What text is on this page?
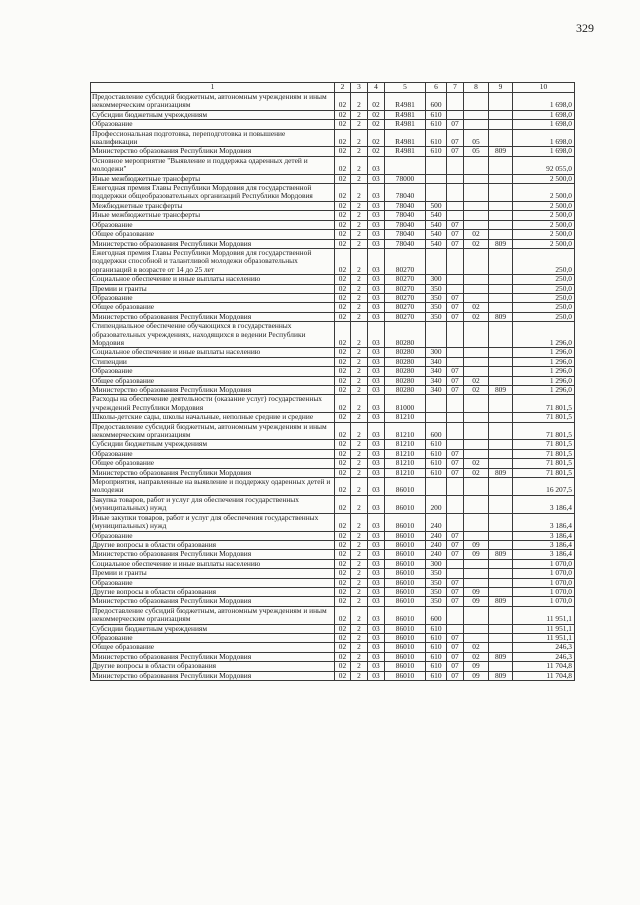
329
1	2	3	4	5	6	7	8	9	10
Предоставление субсидий бюджетным, автономным учреждениям и иным некоммерческим организациям	02	2	02	R4981	600				1 698,0
Субсидии бюджетным учреждениям	02	2	02	R4981	610				1 698,0
Образование	02	2	02	R4981	610	07			1 698,0
Профессиональная подготовка, переподготовка и повышение квалификации	02	2	02	R4981	610	07	05		1 698,0
Министерство образования Республики Мордовия	02	2	02	R4981	610	07	05	809	1 698,0
Основное мероприятие "Выявление и поддержка одаренных детей и молодежи"	02	2	03						92 055,0
Иные межбюджетные трансферты	02	2	03	78000					2 500,0
Ежегодная премия Главы Республики Мордовия для государственной поддержки общеобразовательных организаций Республики Мордовия	02	2	03	78040					2 500,0
Межбюджетные трансферты	02	2	03	78040	500				2 500,0
Иные межбюджетные трансферты	02	2	03	78040	540				2 500,0
Образование	02	2	03	78040	540	07			2 500,0
Общее образование	02	2	03	78040	540	07	02		2 500,0
Министерство образования Республики Мордовия	02	2	03	78040	540	07	02	809	2 500,0
Ежегодная премия Главы Республики Мордовия для государственной поддержки способной и талантливой молодежи образовательных организаций в возрасте от 14 до 25 лет	02	2	03	80270					250,0
Социальное обеспечение и иные выплаты населению	02	2	03	80270	300				250,0
Премии и гранты	02	2	03	80270	350				250,0
Образование	02	2	03	80270	350	07			250,0
Общее образование	02	2	03	80270	350	07	02		250,0
Министерство образования Республики Мордовия	02	2	03	80270	350	07	02	809	250,0
Стипендиальное обеспечение обучающихся в государственных образовательных учреждениях, находящихся в ведении Республики Мордовия	02	2	03	80280					1 296,0
Социальное обеспечение и иные выплаты населению	02	2	03	80280	300				1 296,0
Стипендии	02	2	03	80280	340				1 296,0
Образование	02	2	03	80280	340	07			1 296,0
Общее образование	02	2	03	80280	340	07	02		1 296,0
Министерство образования Республики Мордовия	02	2	03	80280	340	07	02	809	1 296,0
Расходы на обеспечение деятельности (оказание услуг) государственных учреждений Республики Мордовия	02	2	03	81000					71 801,5
Школы-детские сады, школы начальные, неполные средние и средние	02	2	03	81210					71 801,5
Предоставление субсидий бюджетным, автономным учреждениям и иным некоммерческим организациям	02	2	03	81210	600				71 801,5
Субсидии бюджетным учреждениям	02	2	03	81210	610				71 801,5
Образование	02	2	03	81210	610	07			71 801,5
Общее образование	02	2	03	81210	610	07	02		71 801,5
Министерство образования Республики Мордовия	02	2	03	81210	610	07	02	809	71 801,5
Мероприятия, направленные на выявление и поддержку одаренных детей и молодежи	02	2	03	86010					16 207,5
Закупка товаров, работ и услуг для обеспечения государственных (муниципальных) нужд	02	2	03	86010	200				3 186,4
Иные закупки товаров, работ и услуг для обеспечения государственных (муниципальных) нужд	02	2	03	86010	240				3 186,4
Образование	02	2	03	86010	240	07			3 186,4
Другие вопросы в области образования	02	2	03	86010	240	07	09		3 186,4
Министерство образования Республики Мордовия	02	2	03	86010	240	07	09	809	3 186,4
Социальное обеспечение и иные выплаты населению	02	2	03	86010	300				1 070,0
Премии и гранты	02	2	03	86010	350				1 070,0
Образование	02	2	03	86010	350	07			1 070,0
Другие вопросы в области образования	02	2	03	86010	350	07	09		1 070,0
Министерство образования Республики Мордовия	02	2	03	86010	350	07	09	809	1 070,0
Предоставление субсидий бюджетным, автономным учреждениям и иным некоммерческим организациям	02	2	03	86010	600				11 951,1
Субсидии бюджетным учреждениям	02	2	03	86010	610				11 951,1
Образование	02	2	03	86010	610	07			11 951,1
Общее образование	02	2	03	86010	610	07	02		246,3
Министерство образования Республики Мордовия	02	2	03	86010	610	07	02	809	246,3
Другие вопросы в области образования	02	2	03	86010	610	07	09		11 704,8
Министерство образования Республики Мордовия	02	2	03	86010	610	07	09	809	11 704,8
